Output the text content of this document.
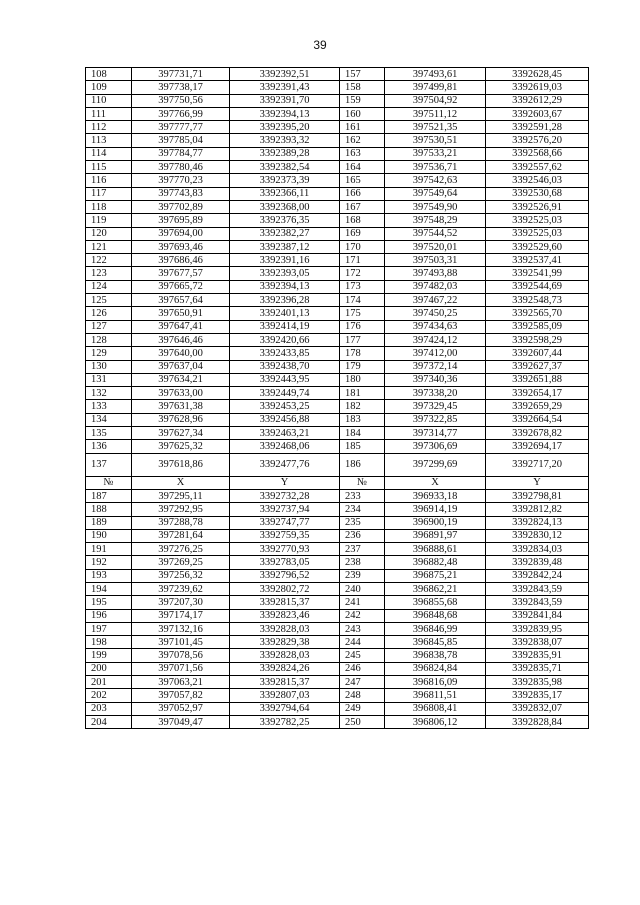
39
108	397731,71	3392392,51	157	397493,61	3392628,45
109	397738,17	3392391,43	158	397499,81	3392619,03
110	397750,56	3392391,70	159	397504,92	3392612,29
111	397766,99	3392394,13	160	397511,12	3392603,67
112	397777,77	3392395,20	161	397521,35	3392591,28
113	397785,04	3392393,32	162	397530,51	3392576,20
114	397784,77	3392389,28	163	397533,21	3392568,66
115	397780,46	3392382,54	164	397536,71	3392557,62
116	397770,23	3392373,39	165	397542,63	3392546,03
117	397743,83	3392366,11	166	397549,64	3392530,68
118	397702,89	3392368,00	167	397549,90	3392526,91
119	397695,89	3392376,35	168	397548,29	3392525,03
120	397694,00	3392382,27	169	397544,52	3392525,03
121	397693,46	3392387,12	170	397520,01	3392529,60
122	397686,46	3392391,16	171	397503,31	3392537,41
123	397677,57	3392393,05	172	397493,88	3392541,99
124	397665,72	3392394,13	173	397482,03	3392544,69
125	397657,64	3392396,28	174	397467,22	3392548,73
126	397650,91	3392401,13	175	397450,25	3392565,70
127	397647,41	3392414,19	176	397434,63	3392585,09
128	397646,46	3392420,66	177	397424,12	3392598,29
129	397640,00	3392433,85	178	397412,00	3392607,44
130	397637,04	3392438,70	179	397372,14	3392627,37
131	397634,21	3392443,95	180	397340,36	3392651,88
132	397633,00	3392449,74	181	397338,20	3392654,17
133	397631,38	3392453,25	182	397329,45	3392659,29
134	397628,96	3392456,88	183	397322,85	3392664,54
135	397627,34	3392463,21	184	397314,77	3392678,82
136	397625,32	3392468,06	185	397306,69	3392694,17
137	397618,86	3392477,76	186	397299,69	3392717,20
№	X	Y	№	X	Y
187	397295,11	3392732,28	233	396933,18	3392798,81
188	397292,95	3392737,94	234	396914,19	3392812,82
189	397288,78	3392747,77	235	396900,19	3392824,13
190	397281,64	3392759,35	236	396891,97	3392830,12
191	397276,25	3392770,93	237	396888,61	3392834,03
192	397269,25	3392783,05	238	396882,48	3392839,48
193	397256,32	3392796,52	239	396875,21	3392842,24
194	397239,62	3392802,72	240	396862,21	3392843,59
195	397207,30	3392815,37	241	396855,68	3392843,59
196	397174,17	3392823,46	242	396848,68	3392841,84
197	397132,16	3392828,03	243	396846,99	3392839,95
198	397101,45	3392829,38	244	396845,85	3392838,07
199	397078,56	3392828,03	245	396838,78	3392835,91
200	397071,56	3392824,26	246	396824,84	3392835,71
201	397063,21	3392815,37	247	396816,09	3392835,98
202	397057,82	3392807,03	248	396811,51	3392835,17
203	397052,97	3392794,64	249	396808,41	3392832,07
204	397049,47	3392782,25	250	396806,12	3392828,84
